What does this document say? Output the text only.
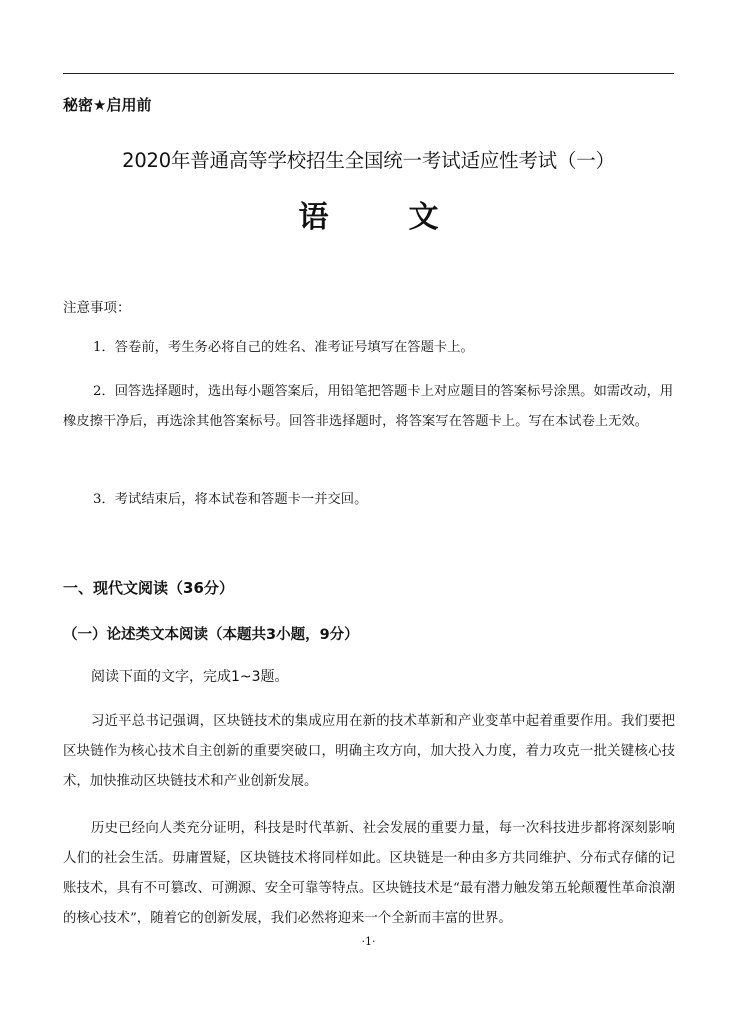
秘密★启用前

2020年普通高等学校招生全国统一考试适应性考试（一）
语文

注意事项：

1．答卷前，考生务必将自己的姓名、准考证号填写在答题卡上。

2．回答选择题时，选出每小题答案后，用铅笔把答题卡上对应题目的答案标号涂黑。如需改动，用橡皮擦干净后，再选涂其他答案标号。回答非选择题时，将答案写在答题卡上。写在本试卷上无效。

3．考试结束后，将本试卷和答题卡一并交回。

一、现代文阅读（36分）
（一）论述类文本阅读（本题共3小题，9分）

阅读下面的文字，完成1~3题。

习近平总书记强调，区块链技术的集成应用在新的技术革新和产业变革中起着重要作用。我们要把区块链作为核心技术自主创新的重要突破口，明确主攻方向，加大投入力度，着力攻克一批关键核心技术，加快推动区块链技术和产业创新发展。

历史已经向人类充分证明，科技是时代革新、社会发展的重要力量，每一次科技进步都将深刻影响人们的社会生活。毋庸置疑，区块链技术将同样如此。区块链是一种由多方共同维护、分布式存储的记账技术，具有不可篡改、可溯源、安全可靠等特点。区块链技术是“最有潜力触发第五轮颠覆性革命浪潮的核心技术”，随着它的创新发展，我们必然将迎来一个全新而丰富的世界。

·1·
